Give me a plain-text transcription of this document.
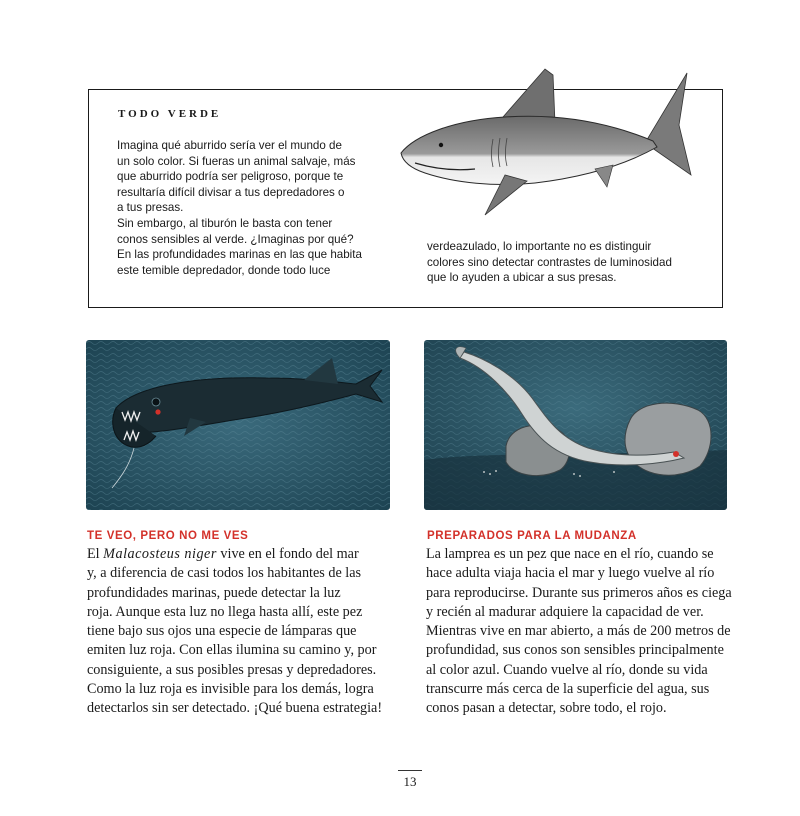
TODO VERDE

Imagina qué aburrido sería ver el mundo de

un solo color. Si fueras un animal salvaje, más

que aburrido podría ser peligroso, porque te

resultaría difícil divisar a tus depredadores o

a tus presas.

Sin embargo, al tiburón le basta con tener

conos sensibles al verde. ¿Imaginas por qué?

En las profundidades marinas en las que habita

este temible depredador, donde todo luce

verdeazulado, lo importante no es distinguir

colores sino detectar contrastes de luminosidad

que lo ayuden a ubicar a sus presas.

TE VEO, PERO NO ME VES	PREPARADOS PARA LA MUDANZA

El Malacosteus niger vive en el fondo del mar

y, a diferencia de casi todos los habitantes de las

profundidades marinas, puede detectar la luz

roja. Aunque esta luz no llega hasta allí, este pez

tiene bajo sus ojos una especie de lámparas que

emiten luz roja. Con ellas ilumina su camino y, por

consiguiente, a sus posibles presas y depredadores.

Como la luz roja es invisible para los demás, logra

detectarlos sin ser detectado. ¡Qué buena estrategia!

La lamprea es un pez que nace en el río, cuando se

hace adulta viaja hacia el mar y luego vuelve al río

para reproducirse. Durante sus primeros años es ciega

y recién al madurar adquiere la capacidad de ver.

Mientras vive en mar abierto, a más de 200 metros de

profundidad, sus conos son sensibles principalmente

al color azul. Cuando vuelve al río, donde su vida

transcurre más cerca de la superficie del agua, sus

conos pasan a detectar, sobre todo, el rojo.

13
